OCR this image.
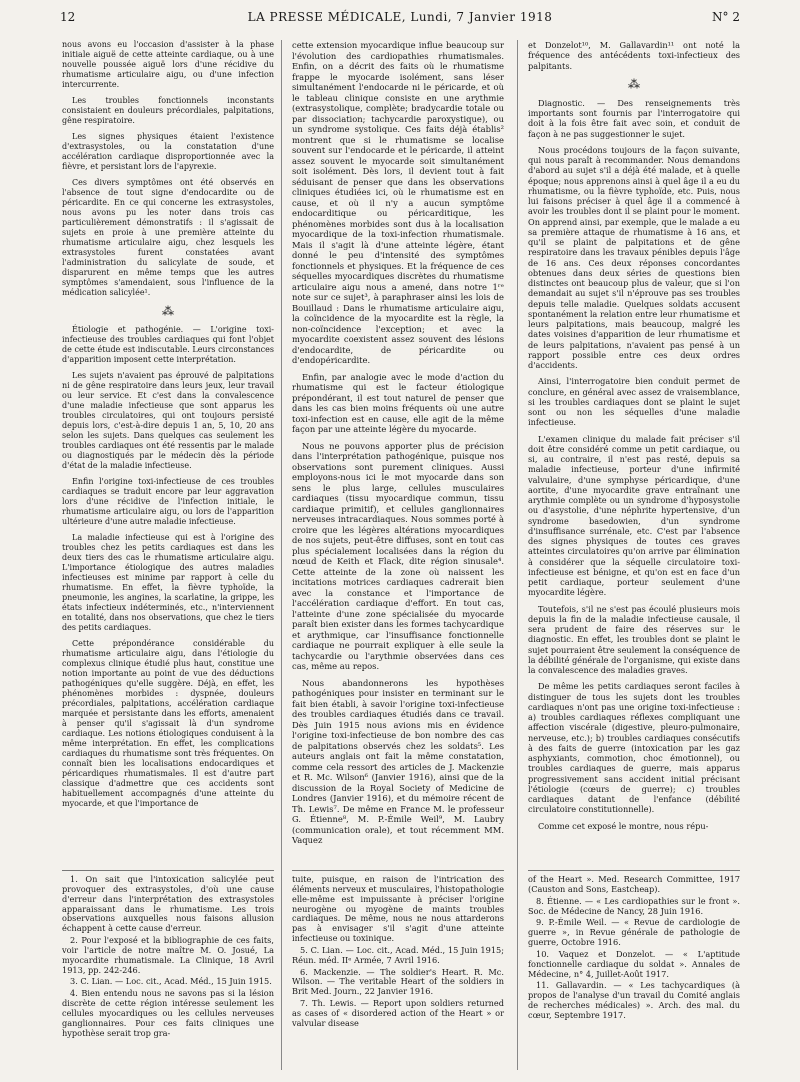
12	LA PRESSE MÉDICALE, Lundi, 7 Janvier 1918	N° 2

nous avons eu l'occasion d'assister à la phase initiale aiguë de cette atteinte cardiaque, ou à une nouvelle poussée aiguë lors d'une récidive du rhumatisme articulaire aigu, ou d'une infection intercurrente.

Les troubles fonctionnels inconstants consistaient en douleurs précordiales, palpitations, gêne respiratoire.

Les signes physiques étaient l'existence d'extrasystoles, ou la constatation d'une accélération cardiaque disproportionnée avec la fièvre, et persistant lors de l'apyrexie.

Ces divers symptômes ont été observés en l'absence de tout signe d'endocardite ou de péricardite. En ce qui concerne les extrasystoles, nous avons pu les noter dans trois cas particulièrement démonstratifs : il s'agissait de sujets en proie à une première atteinte du rhumatisme articulaire aigu, chez lesquels les extrasystoles furent constatées avant l'administration du salicylate de soude, et disparurent en même temps que les autres symptômes s'amendaient, sous l'influence de la médication salicylée¹.

⁂

Étiologie et pathogénie. — L'origine toxi-infectieuse des troubles cardiaques qui font l'objet de cette étude est indiscutable. Leurs circonstances d'apparition imposent cette interprétation.

Les sujets n'avaient pas éprouvé de palpitations ni de gêne respiratoire dans leurs jeux, leur travail ou leur service. Et c'est dans la convalescence d'une maladie infectieuse que sont apparus les troubles circulatoires, qui ont toujours persisté depuis lors, c'est-à-dire depuis 1 an, 5, 10, 20 ans selon les sujets. Dans quelques cas seulement les troubles cardiaques ont été ressentis par le malade ou diagnostiqués par le médecin dès la période d'état de la maladie infectieuse.

Enfin l'origine toxi-infectieuse de ces troubles cardiaques se traduit encore par leur aggravation lors d'une récidive de l'infection initiale, le rhumatisme articulaire aigu, ou lors de l'apparition ultérieure d'une autre maladie infectieuse.

La maladie infectieuse qui est à l'origine des troubles chez les petits cardiaques est dans les deux tiers des cas le rhumatisme articulaire aigu. L'importance étiologique des autres maladies infectieuses est minime par rapport à celle du rhumatisme. En effet, la fièvre typhoïde, la pneumonie, les angines, la scarlatine, la grippe, les états infectieux indéterminés, etc., n'interviennent en totalité, dans nos observations, que chez le tiers des petits cardiaques.

Cette prépondérance considérable du rhumatisme articulaire aigu, dans l'étiologie du complexus clinique étudié plus haut, constitue une notion importante au point de vue des déductions pathogéniques qu'elle suggère. Déjà, en effet, les phénomènes morbides : dyspnée, douleurs précordiales, palpitations, accélération cardiaque marquée et persistante dans les efforts, amenaient à penser qu'il s'agissait là d'un syndrome cardiaque. Les notions étiologiques conduisent à la même interprétation. En effet, les complications cardiaques du rhumatisme sont très fréquentes. On connaît bien les localisations endocardiques et péricardiques rhumatismales. Il est d'autre part classique d'admettre que ces accidents sont habituellement accompagnés d'une atteinte du myocarde, et que l'importance de

cette extension myocardique influe beaucoup sur l'évolution des cardiopathies rhumatismales. Enfin, on a décrit des faits où le rhumatisme frappe le myocarde isolément, sans léser simultanément l'endocarde ni le péricarde, et où le tableau clinique consiste en une arythmie (extrasystolique, complète; bradycardie totale ou par dissociation; tachycardie paroxystique), ou un syndrome systolique. Ces faits déjà établis² montrent que si le rhumatisme se localise souvent sur l'endocarde et le péricarde, il atteint assez souvent le myocarde soit simultanément soit isolément. Dès lors, il devient tout à fait séduisant de penser que dans les observations cliniques étudiées ici, où le rhumatisme est en cause, et où il n'y a aucun symptôme endocarditique ou péricarditique, les phénomènes morbides sont dus à la localisation myocardique de la toxi-infection rhumatismale. Mais il s'agit là d'une atteinte légère, étant donné le peu d'intensité des symptômes fonctionnels et physiques. Et la fréquence de ces séquelles myocardiques discrètes du rhumatisme articulaire aigu nous a amené, dans notre 1ʳᵉ note sur ce sujet³, à paraphraser ainsi les lois de Bouillaud : Dans le rhumatisme articulaire aigu, la coïncidence de la myocardite est la règle, la non-coïncidence l'exception; et avec la myocardite coexistent assez souvent des lésions d'endocardite, de péricardite ou d'endopéricardite.

Enfin, par analogie avec le mode d'action du rhumatisme qui est le facteur étiologique prépondérant, il est tout naturel de penser que dans les cas bien moins fréquents où une autre toxi-infection est en cause, elle agit de la même façon par une atteinte légère du myocarde.

Nous ne pouvons apporter plus de précision dans l'interprétation pathogénique, puisque nos observations sont purement cliniques. Aussi employons-nous ici le mot myocarde dans son sens le plus large, cellules musculaires cardiaques (tissu myocardique commun, tissu cardiaque primitif), et cellules ganglionnaires nerveuses intracardiaques. Nous sommes porté à croire que les légères altérations myocardiques de nos sujets, peut-être diffuses, sont en tout cas plus spécialement localisées dans la région du nœud de Keith et Flack, dite région sinusale⁴. Cette atteinte de la zone où naissent les incitations motrices cardiaques cadrerait bien avec la constance et l'importance de l'accélération cardiaque d'effort. En tout cas, l'atteinte d'une zone spécialisée du myocarde paraît bien exister dans les formes tachycardique et arythmique, car l'insuffisance fonctionnelle cardiaque ne pourrait expliquer à elle seule la tachycardie ou l'arythmie observées dans ces cas, même au repos.

Nous abandonnerons les hypothèses pathogéniques pour insister en terminant sur le fait bien établi, à savoir l'origine toxi-infectieuse des troubles cardiaques étudiés dans ce travail. Dès Juin 1915 nous avions mis en évidence l'origine toxi-infectieuse de bon nombre des cas de palpitations observés chez les soldats⁵. Les auteurs anglais ont fait la même constatation, comme cela ressort des articles de J. Mackenzie et R. Mc. Wilson⁶ (Janvier 1916), ainsi que de la discussion de la Royal Society of Medicine de Londres (Janvier 1916), et du mémoire récent de Th. Lewis⁷. De même en France M. le professeur G. Étienne⁸, M. P.-Émile Weil⁹, M. Laubry (communication orale), et tout récemment MM. Vaquez

et Donzelot¹⁰, M. Gallavardin¹¹ ont noté la fréquence des antécédents toxi-infectieux des palpitants.

⁂

Diagnostic. — Des renseignements très importants sont fournis par l'interrogatoire qui doit à la fois être fait avec soin, et conduit de façon à ne pas suggestionner le sujet.

Nous procédons toujours de la façon suivante, qui nous paraît à recommander. Nous demandons d'abord au sujet s'il a déjà été malade, et à quelle époque; nous apprenons ainsi à quel âge il a eu du rhumatisme, ou la fièvre typhoïde, etc. Puis, nous lui faisons préciser à quel âge il a commencé à avoir les troubles dont il se plaint pour le moment. On apprend ainsi, par exemple, que le malade a eu sa première attaque de rhumatisme à 16 ans, et qu'il se plaint de palpitations et de gêne respiratoire dans les travaux pénibles depuis l'âge de 16 ans. Ces deux réponses concordantes obtenues dans deux séries de questions bien distinctes ont beaucoup plus de valeur, que si l'on demandait au sujet s'il n'éprouve pas ses troubles depuis telle maladie. Quelques soldats accusent spontanément la relation entre leur rhumatisme et leurs palpitations, mais beaucoup, malgré les dates voisines d'apparition de leur rhumatisme et de leurs palpitations, n'avaient pas pensé à un rapport possible entre ces deux ordres d'accidents.

Ainsi, l'interrogatoire bien conduit permet de conclure, en général avec assez de vraisemblance, si les troubles cardiaques dont se plaint le sujet sont ou non les séquelles d'une maladie infectieuse.

L'examen clinique du malade fait préciser s'il doit être considéré comme un petit cardiaque, ou si, au contraire, il n'est pas resté, depuis sa maladie infectieuse, porteur d'une infirmité valvulaire, d'une symphyse péricardique, d'une aortite, d'une myocardite grave entraînant une arythmie complète ou un syndrome d'hyposystolie ou d'asystolie, d'une néphrite hypertensive, d'un syndrome basedowien, d'un syndrome d'insuffisance surrénale, etc. C'est par l'absence des signes physiques de toutes ces graves atteintes circulatoires qu'on arrive par élimination à considérer que la séquelle circulatoire toxi-infectieuse est bénigne, et qu'on est en face d'un petit cardiaque, porteur seulement d'une myocardite légère.

Toutefois, s'il ne s'est pas écoulé plusieurs mois depuis la fin de la maladie infectieuse causale, il sera prudent de faire des réserves sur le diagnostic. En effet, les troubles dont se plaint le sujet pourraient être seulement la conséquence de la débilité générale de l'organisme, qui existe dans la convalescence des maladies graves.

De même les petits cardiaques seront faciles à distinguer de tous les sujets dont les troubles cardiaques n'ont pas une origine toxi-infectieuse : a) troubles cardiaques réflexes compliquant une affection viscérale (digestive, pleuro-pulmonaire, nerveuse, etc.); b) troubles cardiaques consécutifs à des faits de guerre (intoxication par les gaz asphyxiants, commotion, choc émotionnel), ou troubles cardiaques de guerre, mais apparus progressivement sans accident initial précisant l'étiologie (cœurs de guerre); c) troubles cardiaques datant de l'enfance (débilité circulatoire constitutionnelle).

Comme cet exposé le montre, nous répu-

1. On sait que l'intoxication salicylée peut provoquer des extrasystoles, d'où une cause d'erreur dans l'interprétation des extrasystoles apparaissant dans le rhumatisme. Les trois observations auxquelles nous faisons allusion échappent à cette cause d'erreur.

2. Pour l'exposé et la bibliographie de ces faits, voir l'article de notre maître M. O. Josué, La myocardite rhumatismale. La Clinique, 18 Avril 1913, pp. 242-246.

3. C. Lian. — Loc. cit., Acad. Méd., 15 Juin 1915.

4. Bien entendu nous ne savons pas si la lésion discrète de cette région intéresse seulement les cellules myocardiques ou les cellules nerveuses ganglionnaires. Pour ces faits cliniques une hypothèse serait trop gra-

tuite, puisque, en raison de l'intrication des éléments nerveux et musculaires, l'histopathologie elle-même est impuissante à préciser l'origine neurogène ou myogène de maints troubles cardiaques. De même, nous ne nous attarderons pas à envisager s'il s'agit d'une atteinte infectieuse ou toxinique.

5. C. Lian. — Loc. cit., Acad. Méd., 15 Juin 1915; Réun. méd. IIᵉ Armée, 7 Avril 1916.

6. Mackenzie. — The soldier's Heart. R. Mc. Wilson. — The veritable Heart of the soldiers in Brit Med. Journ., 22 Janvier 1916.

7. Th. Lewis. — Report upon soldiers returned as cases of « disordered action of the Heart » or valvular disease

of the Heart ». Med. Research Committee, 1917 (Causton and Sons, Eastcheap).

8. Étienne. — « Les cardiopathies sur le front ». Soc. de Médecine de Nancy, 28 Juin 1916.

9. P.-Émile Weil. — « Revue de cardiologie de guerre », in Revue générale de pathologie de guerre, Octobre 1916.

10. Vaquez et Donzelot. — « L'aptitude fonctionnelle cardiaque du soldat ». Annales de Médecine, n° 4, Juillet-Août 1917.

11. Gallavardin. — « Les tachycardiques (à propos de l'analyse d'un travail du Comité anglais de recherches médicales) ». Arch. des mal. du cœur, Septembre 1917.
